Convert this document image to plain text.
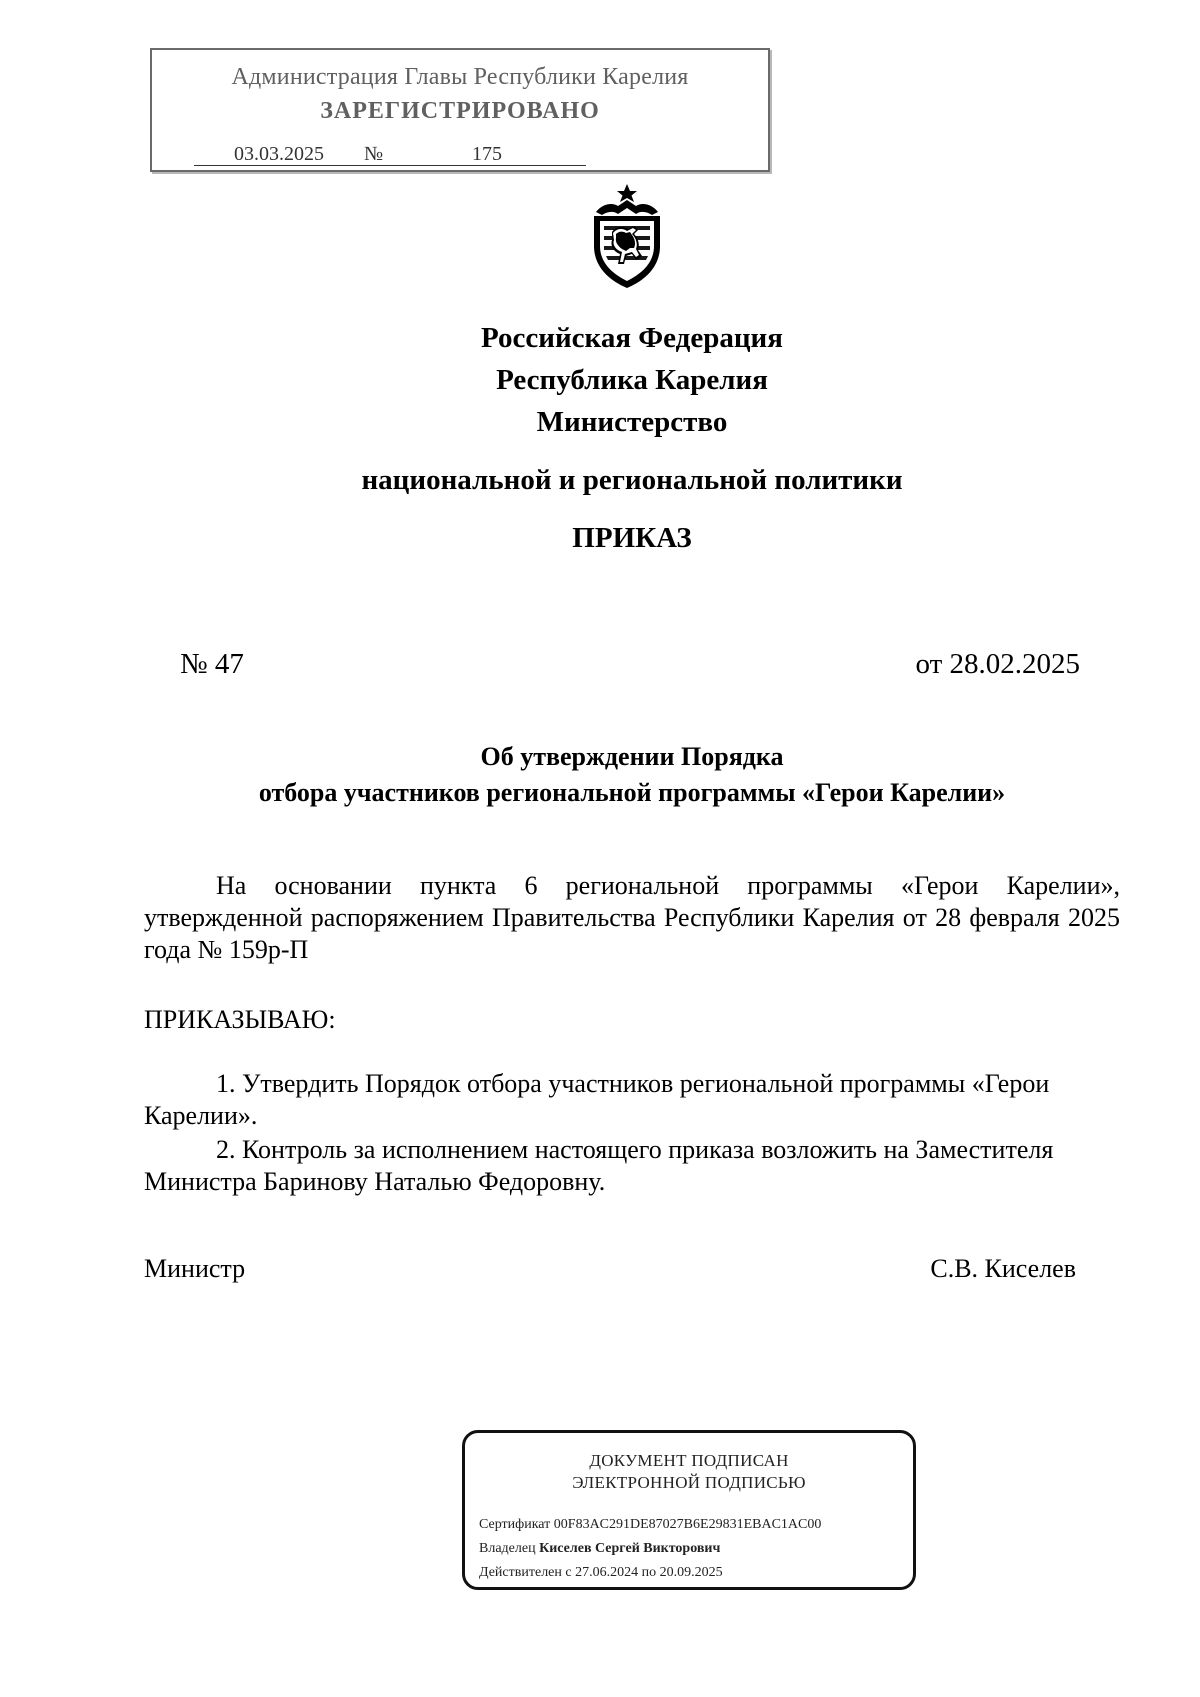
Администрация Главы Республики Карелия
ЗАРЕГИСТРИРОВАНО
03.03.2025 №	175
Российская Федерация
Республика Карелия
Министерство
национальной и региональной политики
ПРИКАЗ
№ 47	от 28.02.2025
Об утверждении Порядка
отбора участников региональной программы «Герои Карелии»
На основании пункта 6 региональной программы «Герои Карелии», утвержденной распоряжением Правительства Республики Карелия от 28 февраля 2025 года № 159р-П
ПРИКАЗЫВАЮ:
1. Утвердить Порядок отбора участников региональной программы «Герои Карелии».
2. Контроль за исполнением настоящего приказа возложить на Заместителя Министра Баринову Наталью Федоровну.
Министр	С.В. Киселев
ДОКУМЕНТ ПОДПИСАН
ЭЛЕКТРОННОЙ ПОДПИСЬЮ
Сертификат 00F83AC291DE87027B6E29831EBAC1AC00
Владелец Киселев Сергей Викторович
Действителен с 27.06.2024 по 20.09.2025
